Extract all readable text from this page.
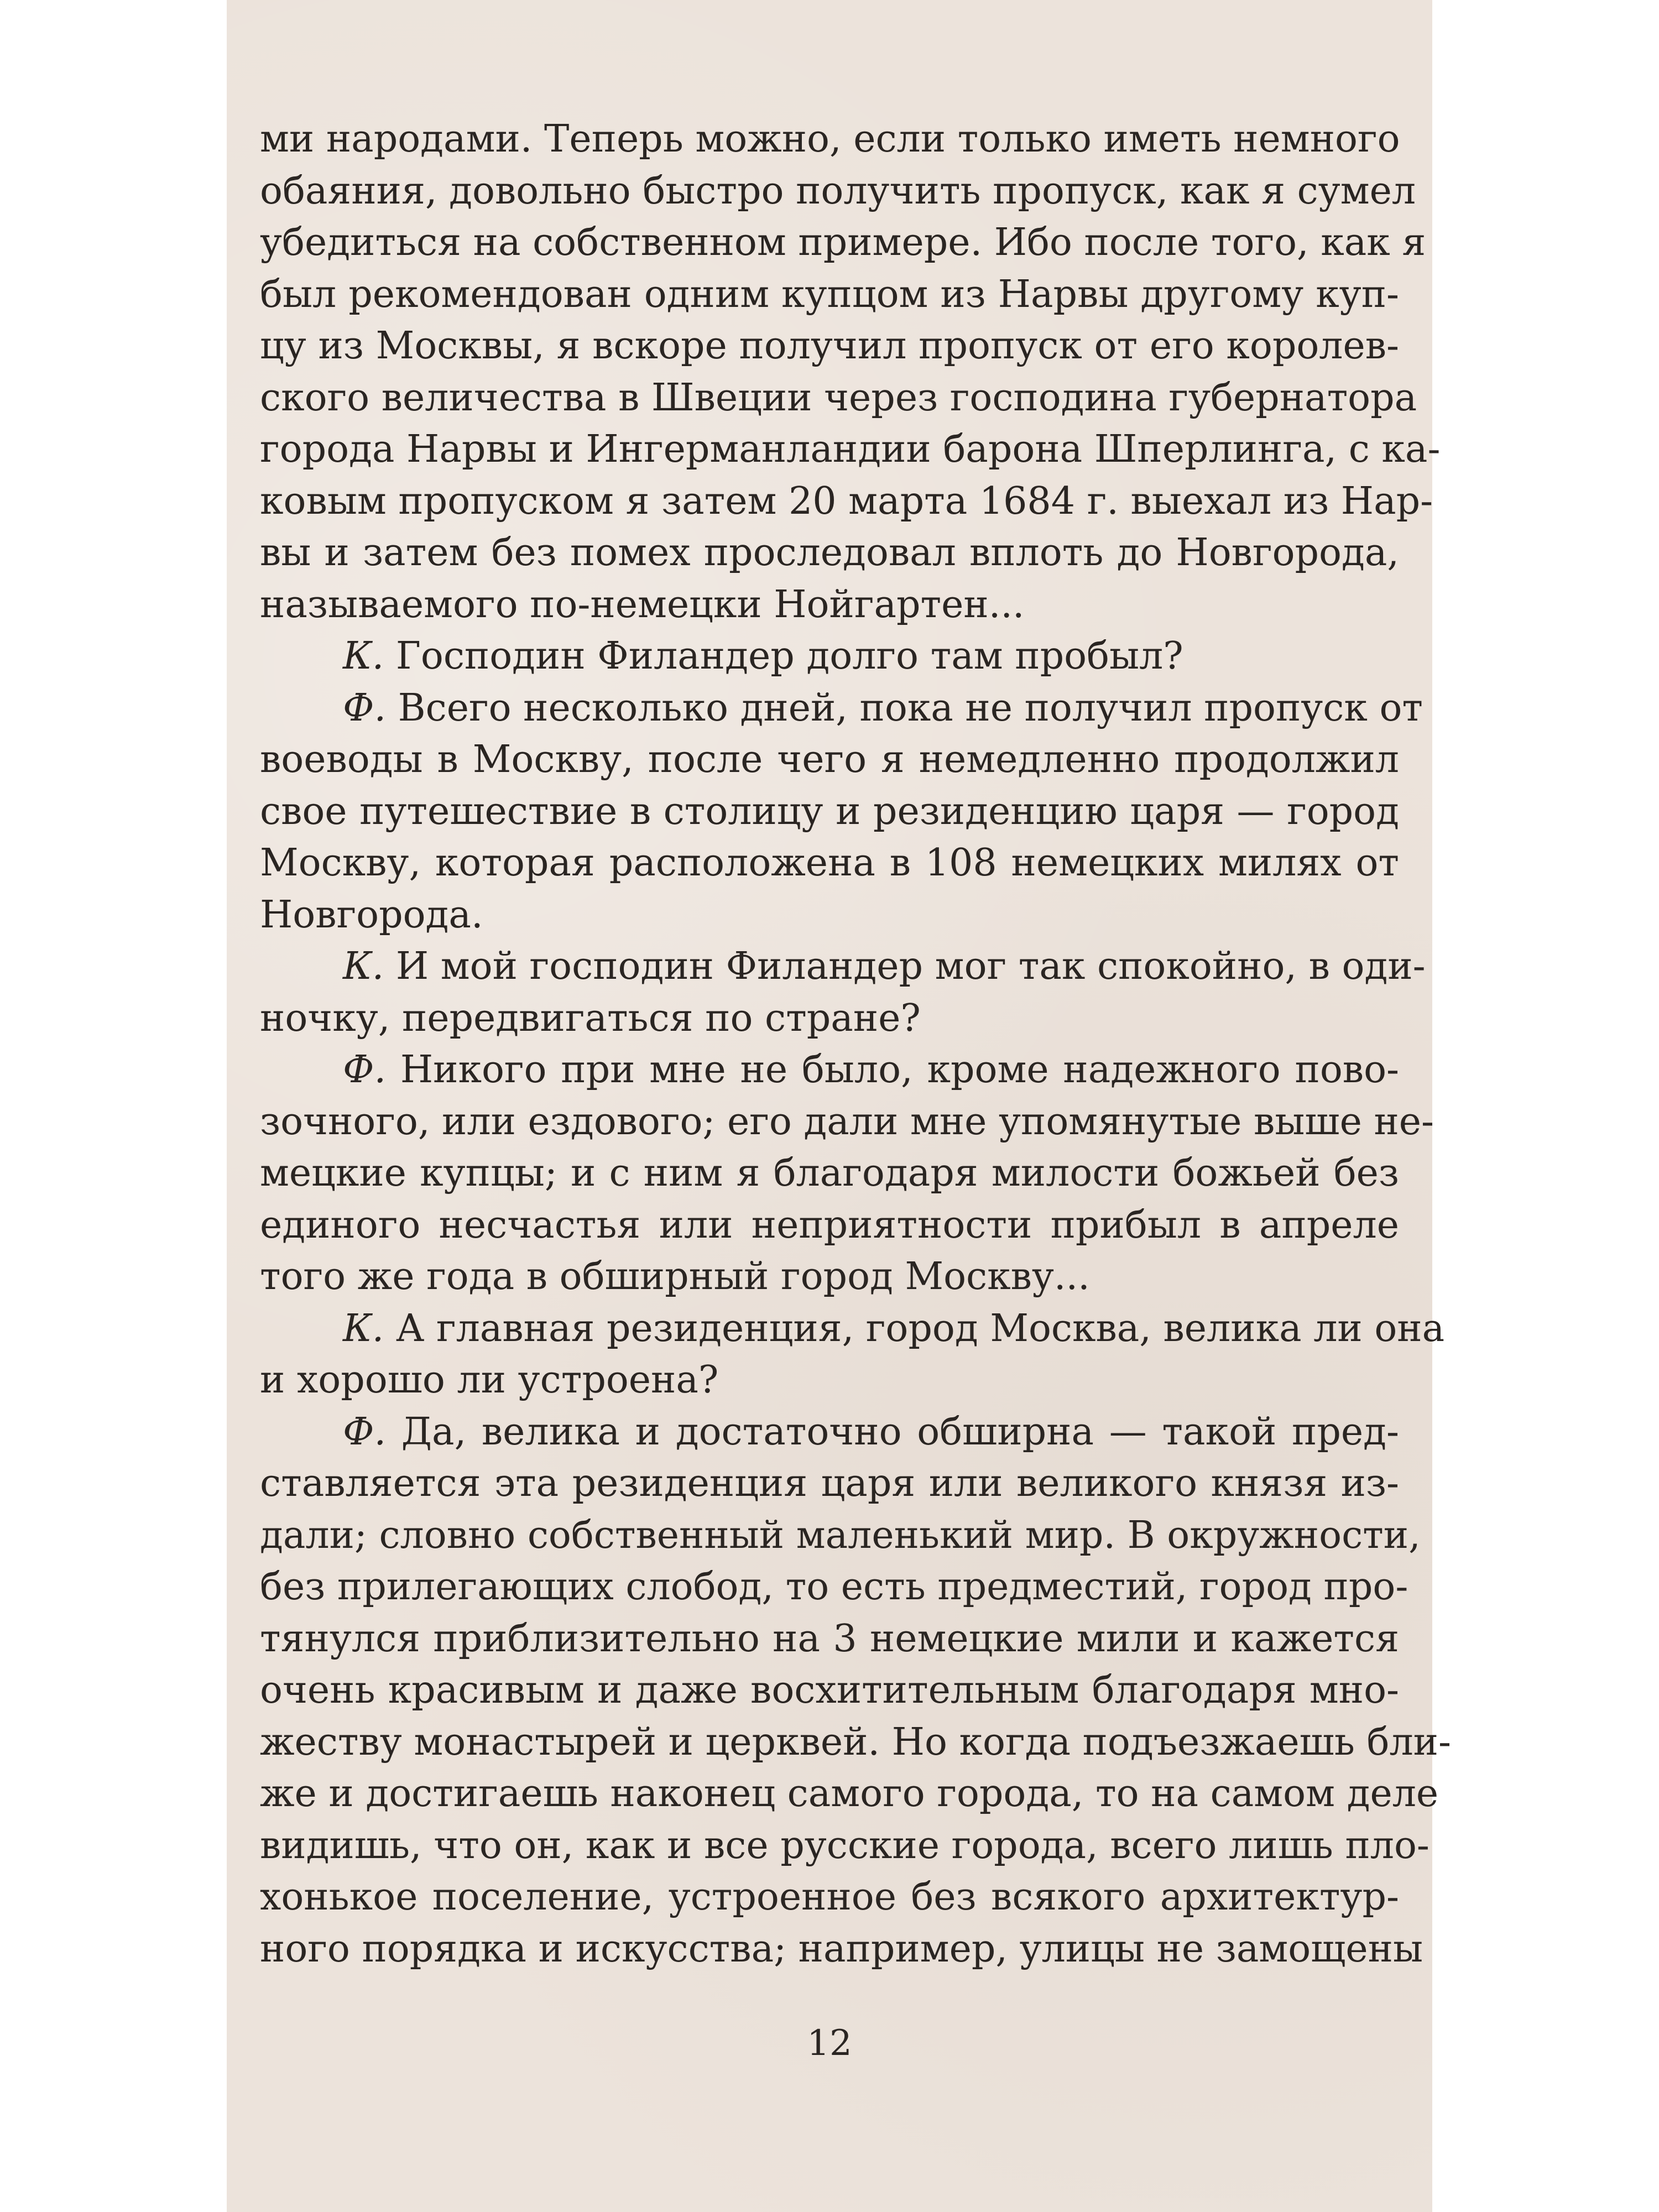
ми народами. Теперь можно, если только иметь немного
обаяния, довольно быстро получить пропуск, как я сумел
убедиться на собственном примере. Ибо после того, как я
был рекомендован одним купцом из Нарвы другому куп-
цу из Москвы, я вскоре получил пропуск от его королев-
ского величества в Швеции через господина губернатора
города Нарвы и Ингерманландии барона Шперлинга, с ка-
ковым пропуском я затем 20 марта 1684 г. выехал из Нар-
вы и затем без помех проследовал вплоть до Новгорода,
называемого по-немецки Нойгартен...
К. Господин Филандер долго там пробыл?
Ф. Всего несколько дней, пока не получил пропуск от
воеводы в Москву, после чего я немедленно продолжил
свое путешествие в столицу и резиденцию царя — город
Москву, которая расположена в 108 немецких милях от
Новгорода.
К. И мой господин Филандер мог так спокойно, в оди-
ночку, передвигаться по стране?
Ф. Никого при мне не было, кроме надежного пово-
зочного, или ездового; его дали мне упомянутые выше не-
мецкие купцы; и с ним я благодаря милости божьей без
единого несчастья или неприятности прибыл в апреле
того же года в обширный город Москву...
К. А главная резиденция, город Москва, велика ли она
и хорошо ли устроена?
Ф. Да, велика и достаточно обширна — такой пред-
ставляется эта резиденция царя или великого князя из-
дали; словно собственный маленький мир. В окружности,
без прилегающих слобод, то есть предместий, город про-
тянулся приблизительно на 3 немецкие мили и кажется
очень красивым и даже восхитительным благодаря мно-
жеству монастырей и церквей. Но когда подъезжаешь бли-
же и достигаешь наконец самого города, то на самом деле
видишь, что он, как и все русские города, всего лишь пло-
хонькое поселение, устроенное без всякого архитектур-
ного порядка и искусства; например, улицы не замощены
12
